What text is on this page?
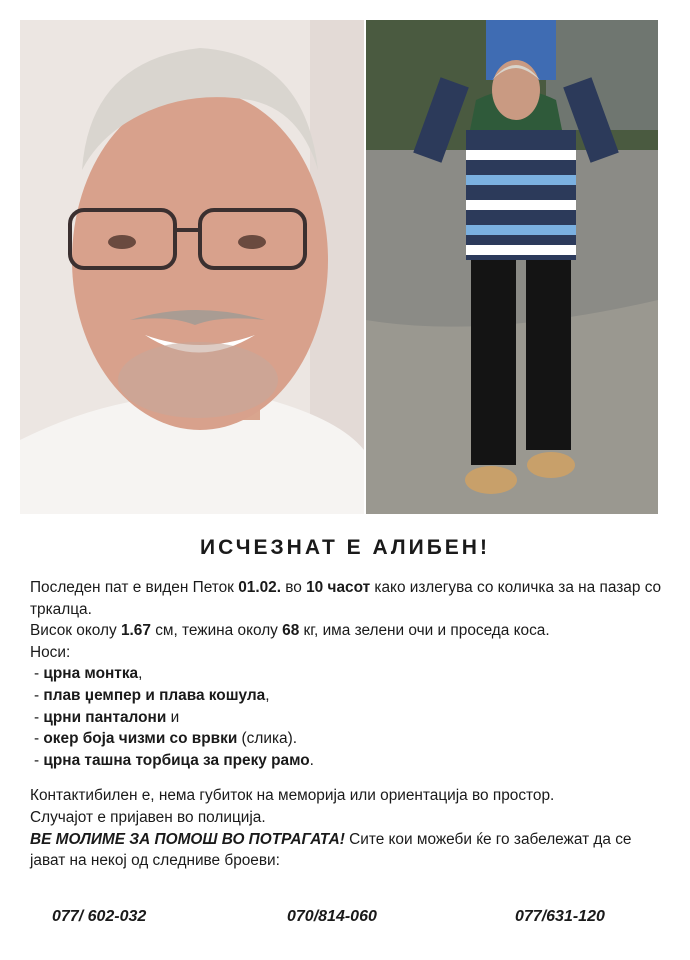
ИСЧЕЗНАТ Е АЛИБЕН!

Последен пат е виден Петок 01.02. во 10 часот како излегува со количка за на пазар со тркалца.

Висок околу 1.67 см, тежина околу 68 кг, има зелени очи и проседа коса.

Носи:

- црна монтка,
- плав џемпер и плава кошула,
- црни панталони и
- окер боја чизми со врвки (слика).
- црна ташна торбица за преку рамо.

Контактибилен е, нема губиток на меморија или ориентација во простор.

Случајот е пријавен во полиција.

ВЕ МОЛИМЕ ЗА ПОМОШ ВО ПОТРАГАТА! Сите кои можеби ќе го забележат да се јават на некој од следниве броеви:

077/ 602-032	070/814-060	077/631-120
